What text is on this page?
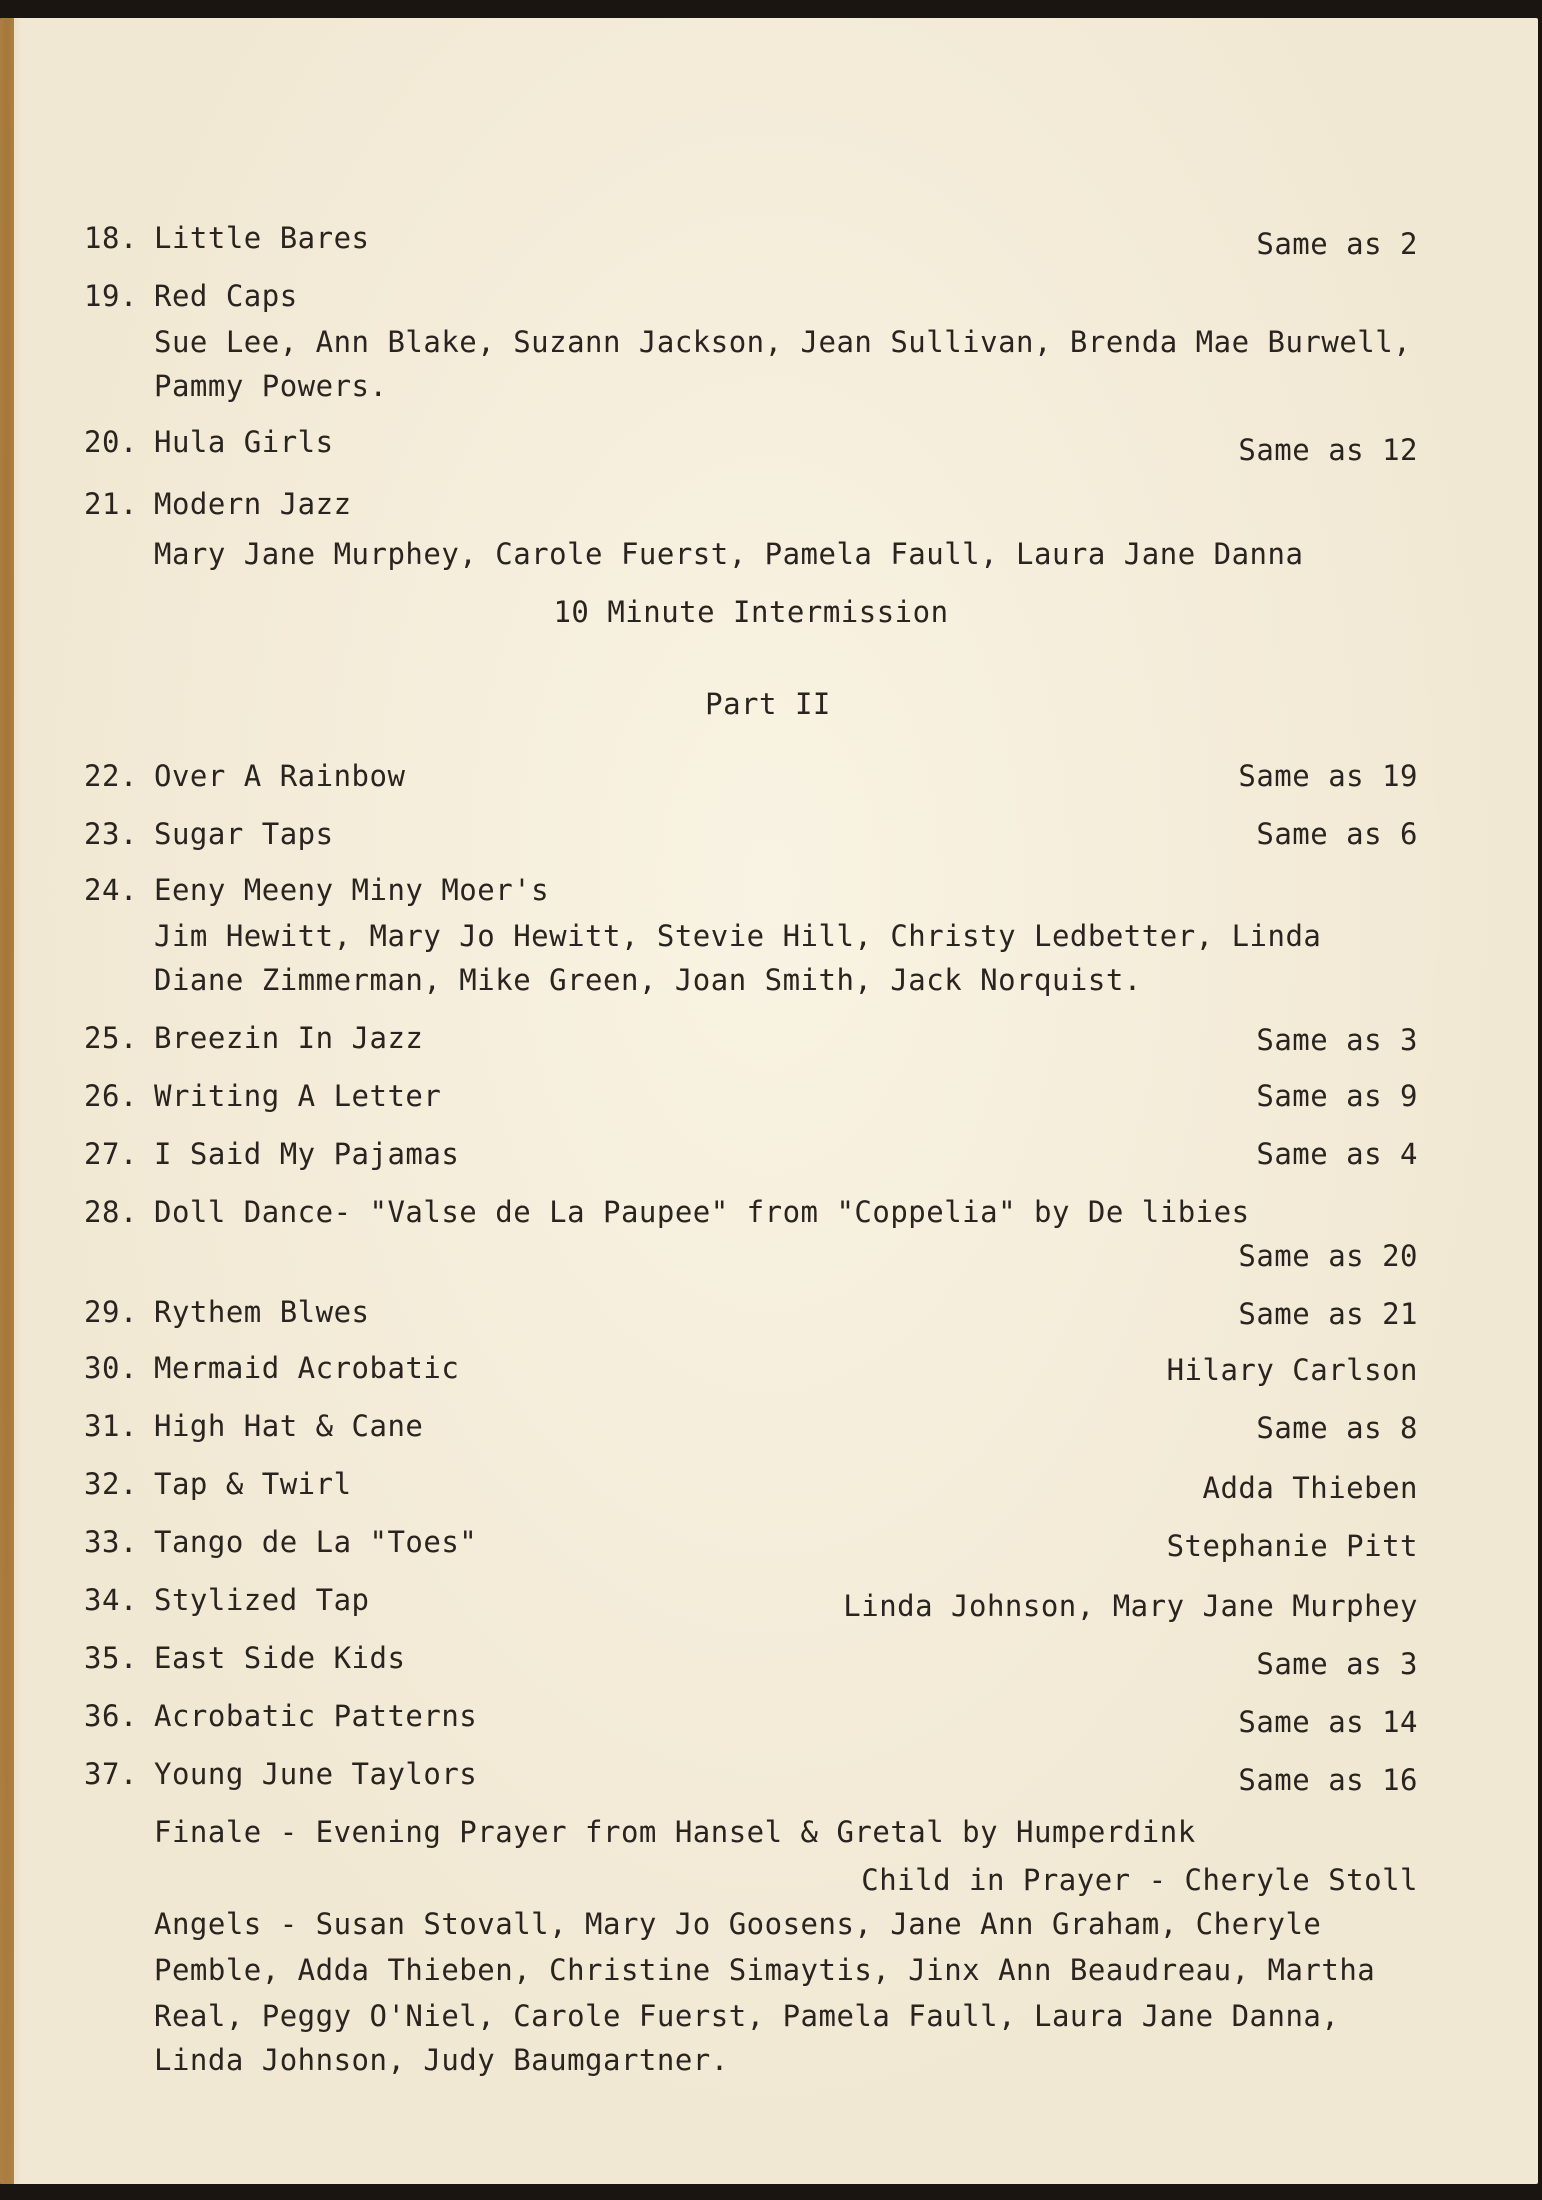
18. Little Bares	Same as 2
19. Red Caps
Sue Lee, Ann Blake, Suzann Jackson, Jean Sullivan, Brenda Mae Burwell,
Pammy Powers.
20. Hula Girls	Same as 12
21. Modern Jazz
Mary Jane Murphey, Carole Fuerst, Pamela Faull, Laura Jane Danna
10 Minute Intermission
Part II
22. Over A Rainbow	Same as 19
23. Sugar Taps	Same as 6
24. Eeny Meeny Miny Moer's
Jim Hewitt, Mary Jo Hewitt, Stevie Hill, Christy Ledbetter, Linda
Diane Zimmerman, Mike Green, Joan Smith, Jack Norquist.
25. Breezin In Jazz	Same as 3
26. Writing A Letter	Same as 9
27. I Said My Pajamas	Same as 4
28. Doll Dance- "Valse de La Paupee" from "Coppelia" by De libies
Same as 20
29. Rythem Blwes	Same as 21
30. Mermaid Acrobatic	Hilary Carlson
31. High Hat & Cane	Same as 8
32. Tap & Twirl	Adda Thieben
33. Tango de La "Toes"	Stephanie Pitt
34. Stylized Tap	Linda Johnson, Mary Jane Murphey
35. East Side Kids	Same as 3
36. Acrobatic Patterns	Same as 14
37. Young June Taylors	Same as 16
Finale - Evening Prayer from Hansel & Gretal by Humperdink
Child in Prayer - Cheryle Stoll
Angels - Susan Stovall, Mary Jo Goosens, Jane Ann Graham, Cheryle
Pemble, Adda Thieben, Christine Simaytis, Jinx Ann Beaudreau, Martha
Real, Peggy O'Niel, Carole Fuerst, Pamela Faull, Laura Jane Danna,
Linda Johnson, Judy Baumgartner.
